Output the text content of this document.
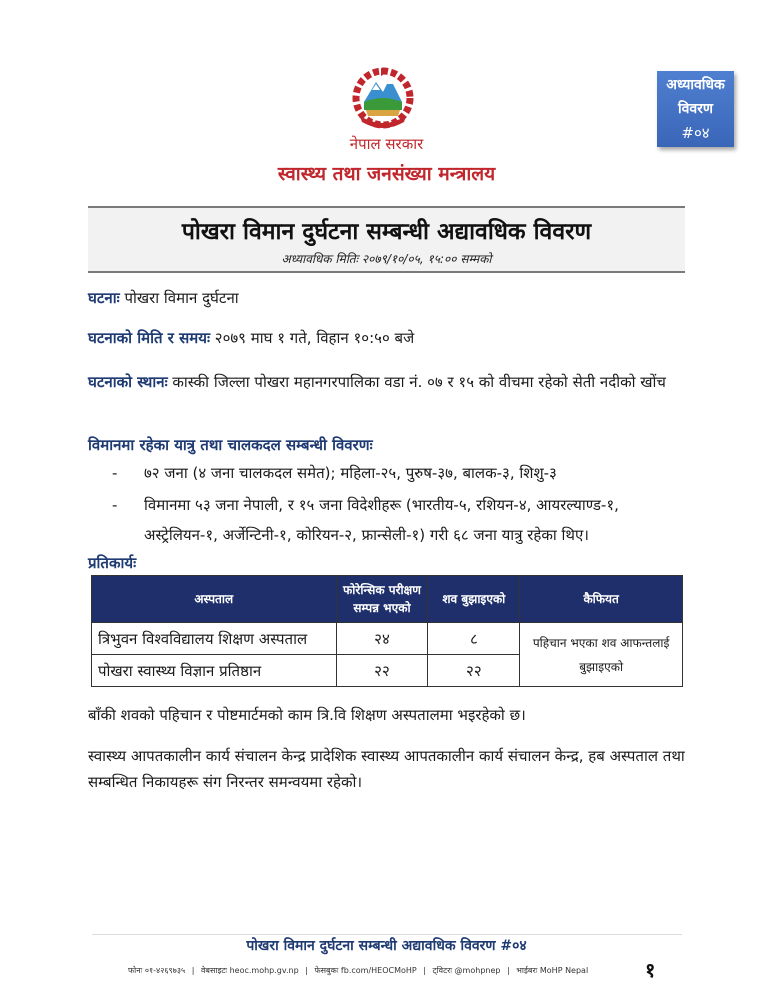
नेपाल सरकार
स्वास्थ्य तथा जनसंख्या मन्त्रालय
अध्यावधिक
विवरण
#०४
पोखरा विमान दुर्घटना सम्बन्धी अद्यावधिक विवरण
अध्यावधिक मितिः २०७९/१०/०५, १५:०० सम्मको
घटनाः पोखरा विमान दुर्घटना
घटनाको मिति र समयः २०७९ माघ १ गते, विहान १०:५० बजे
घटनाको स्थानः कास्की जिल्ला पोखरा महानगरपालिका वडा नं. ०७ र १५ को वीचमा रहेको सेती नदीको खोंच
विमानमा रहेका यात्रु तथा चालकदल सम्बन्धी विवरणः
- ७२ जना (४ जना चालकदल समेत); महिला-२५, पुरुष-३७, बालक-३, शिशु-३
- विमानमा ५३ जना नेपाली, र १५ जना विदेशीहरू (भारतीय-५, रशियन-४, आयरल्याण्ड-१, अस्ट्रेलियन-१, अर्जेन्टिनी-१, कोरियन-२, फ्रान्सेली-१) गरी ६८ जना यात्रु रहेका थिए।
प्रतिकार्यः
अस्पताल	फोरेन्सिक परीक्षण सम्पन्न भएको	शव बुझाइएको	कैफियत
त्रिभुवन विश्वविद्यालय शिक्षण अस्पताल	२४	८	पहिचान भएका शव आफन्तलाई बुझाइएको
पोखरा स्वास्थ्य विज्ञान प्रतिष्ठान	२२	२२	
बाँकी शवको पहिचान र पोष्टमार्टमको काम त्रि.वि शिक्षण अस्पतालमा भइरहेको छ।
स्वास्थ्य आपतकालीन कार्य संचालन केन्द्र प्रादेशिक स्वास्थ्य आपतकालीन कार्य संचालन केन्द्र, हब अस्पताल तथा सम्बन्धित निकायहरू संग निरन्तर समन्वयमा रहेको।
पोखरा विमान दुर्घटना सम्बन्धी अद्यावधिक विवरण #०४
फोनः ०१-४२६९७३५ | वेबसाइटः heoc.mohp.gv.np | फेसबुकः fb.com/HEOCMoHP | ट्विटरः @mohpnep | भाईबरः MoHP Nepal	१
